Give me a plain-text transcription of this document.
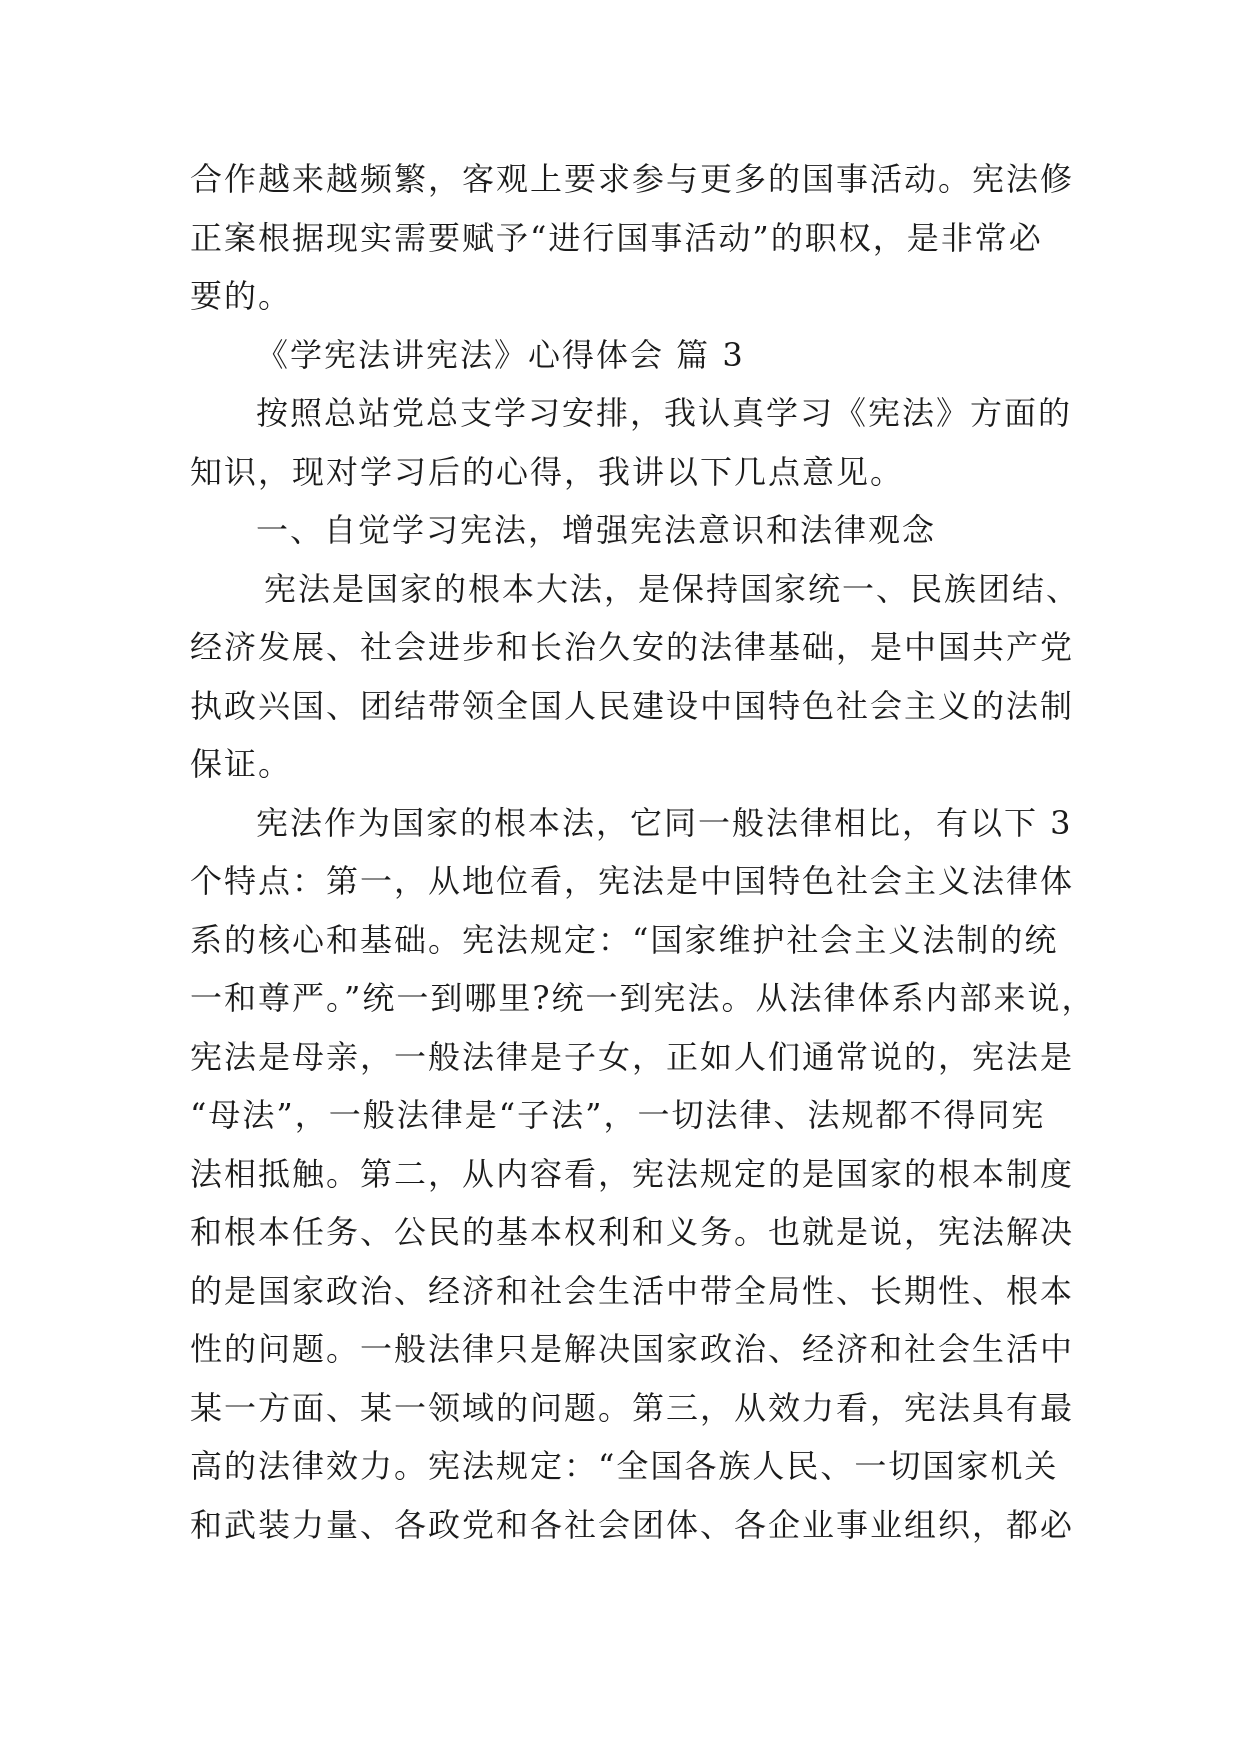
合作越来越频繁，客观上要求参与更多的国事活动。宪法修
正案根据现实需要赋予“进行国事活动”的职权，是非常必
要的。
《学宪法讲宪法》心得体会 篇 3
按照总站党总支学习安排，我认真学习《宪法》方面的
知识，现对学习后的心得，我讲以下几点意见。
一、自觉学习宪法，增强宪法意识和法律观念
宪法是国家的根本大法，是保持国家统一、民族团结、
经济发展、社会进步和长治久安的法律基础，是中国共产党
执政兴国、团结带领全国人民建设中国特色社会主义的法制
保证。
宪法作为国家的根本法，它同一般法律相比，有以下 3
个特点：第一，从地位看，宪法是中国特色社会主义法律体
系的核心和基础。宪法规定：“国家维护社会主义法制的统
一和尊严。”统一到哪里?统一到宪法。从法律体系内部来说，
宪法是母亲，一般法律是子女，正如人们通常说的，宪法是
“母法”，一般法律是“子法”，一切法律、法规都不得同宪
法相抵触。第二，从内容看，宪法规定的是国家的根本制度
和根本任务、公民的基本权利和义务。也就是说，宪法解决
的是国家政治、经济和社会生活中带全局性、长期性、根本
性的问题。一般法律只是解决国家政治、经济和社会生活中
某一方面、某一领域的问题。第三，从效力看，宪法具有最
高的法律效力。宪法规定：“全国各族人民、一切国家机关
和武装力量、各政党和各社会团体、各企业事业组织，都必
